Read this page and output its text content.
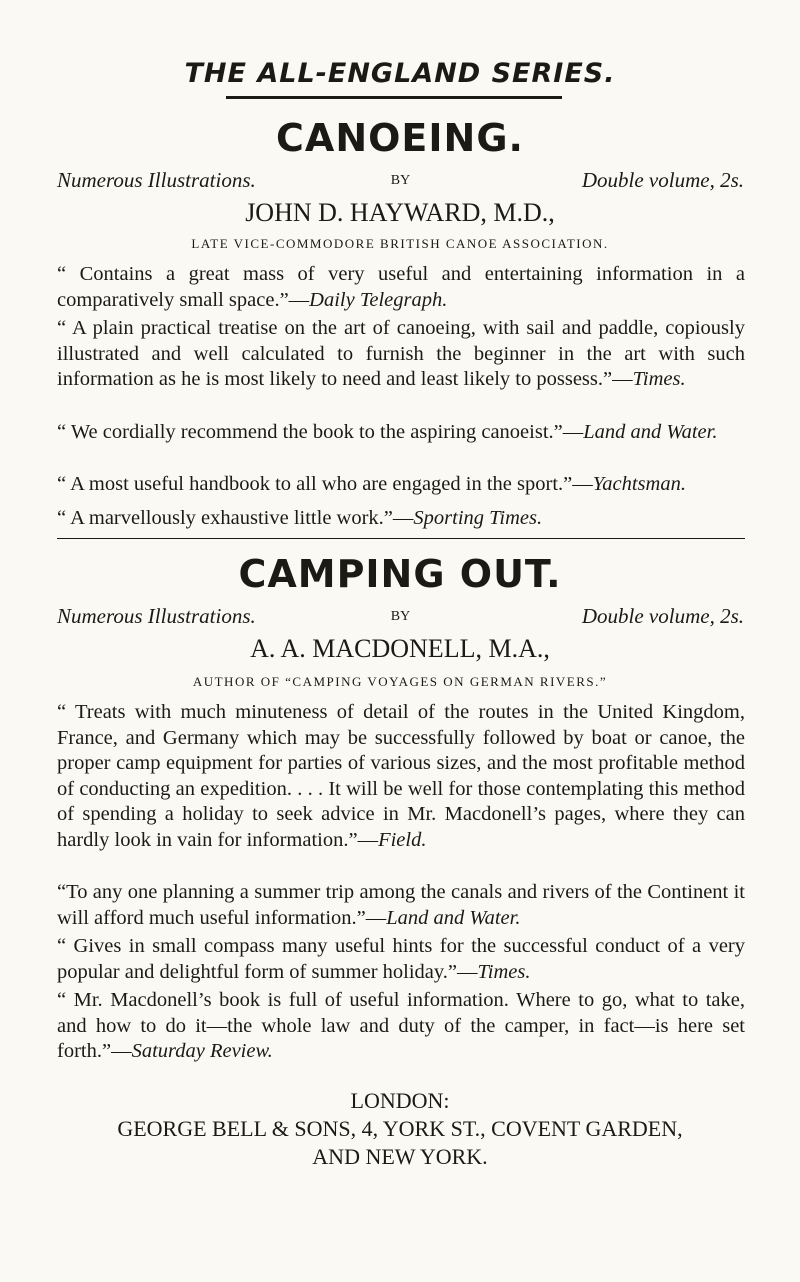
THE ALL-ENGLAND SERIES.
CANOEING.
Numerous Illustrations.	BY	Double volume, 2s.
JOHN D. HAYWARD, M.D.,
LATE VICE-COMMODORE BRITISH CANOE ASSOCIATION.
“ Contains a great mass of very useful and entertaining information in a comparatively small space.”—Daily Telegraph.
“ A plain practical treatise on the art of canoeing, with sail and paddle, copiously illustrated and well calculated to furnish the beginner in the art with such information as he is most likely to need and least likely to possess.”—Times.
“ We cordially recommend the book to the aspiring canoeist.”—Land and Water.
“ A most useful handbook to all who are engaged in the sport.”—Yachtsman.
“ A marvellously exhaustive little work.”—Sporting Times.
CAMPING OUT.
Numerous Illustrations.	BY	Double volume, 2s.
A. A. MACDONELL, M.A.,
AUTHOR OF “CAMPING VOYAGES ON GERMAN RIVERS.”
“ Treats with much minuteness of detail of the routes in the United Kingdom, France, and Germany which may be successfully followed by boat or canoe, the proper camp equipment for parties of various sizes, and the most profitable method of conducting an expedition. . . . It will be well for those contemplating this method of spending a holiday to seek advice in Mr. Macdonell’s pages, where they can hardly look in vain for information.”—Field.
“To any one planning a summer trip among the canals and rivers of the Continent it will afford much useful information.”—Land and Water.
“ Gives in small compass many useful hints for the successful conduct of a very popular and delightful form of summer holiday.”—Times.
“ Mr. Macdonell’s book is full of useful information. Where to go, what to take, and how to do it—the whole law and duty of the camper, in fact—is here set forth.”—Saturday Review.
LONDON:
GEORGE BELL & SONS, 4, YORK ST., COVENT GARDEN,
AND NEW YORK.
